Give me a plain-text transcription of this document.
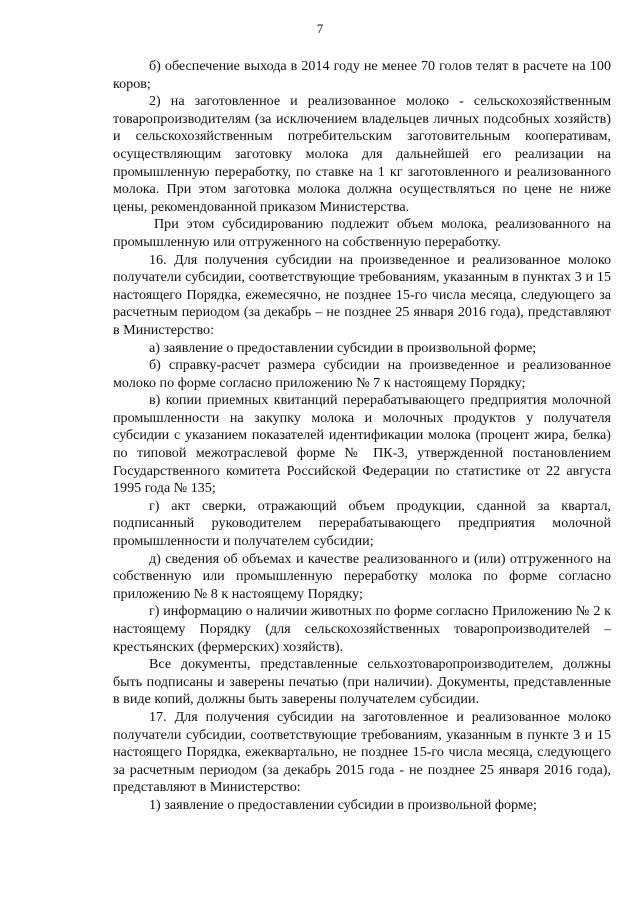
7

б) обеспечение выхода в 2014 году не менее 70 голов телят в расчете на 100 коров;

2) на заготовленное и реализованное молоко - сельскохозяйственным товаропроизводителям (за исключением владельцев личных подсобных хозяйств) и сельскохозяйственным потребительским заготовительным кооперативам, осуществляющим заготовку молока для дальнейшей его реализации на промышленную переработку, по ставке на 1 кг заготовленного и реализованного молока. При этом заготовка молока должна осуществляться по цене не ниже цены, рекомендованной приказом Министерства.

При этом субсидированию подлежит объем молока, реализованного на промышленную или отгруженного на собственную переработку.

16. Для получения субсидии на произведенное и реализованное молоко получатели субсидии, соответствующие требованиям, указанным в пунктах 3 и 15 настоящего Порядка, ежемесячно, не позднее 15-го числа месяца, следующего за расчетным периодом (за декабрь – не позднее 25 января 2016 года), представляют в Министерство:

а) заявление о предоставлении субсидии в произвольной форме;

б) справку-расчет размера субсидии на произведенное и реализованное молоко по форме согласно приложению № 7 к настоящему Порядку;

в) копии приемных квитанций перерабатывающего предприятия молочной промышленности на закупку молока и молочных продуктов у получателя субсидии с указанием показателей идентификации молока (процент жира, белка) по типовой межотраслевой форме № ПК-3, утвержденной постановлением Государственного комитета Российской Федерации по статистике от 22 августа 1995 года № 135;

г) акт сверки, отражающий объем продукции, сданной за квартал, подписанный руководителем перерабатывающего предприятия молочной промышленности и получателем субсидии;

д) сведения об объемах и качестве реализованного и (или) отгруженного на собственную или промышленную переработку молока по форме согласно приложению № 8 к настоящему Порядку;

г) информацию о наличии животных по форме согласно Приложению № 2 к настоящему Порядку (для сельскохозяйственных товаропроизводителей – крестьянских (фермерских) хозяйств).

Все документы, представленные сельхозтоваропроизводителем, должны быть подписаны и заверены печатью (при наличии). Документы, представленные в виде копий, должны быть заверены получателем субсидии.

17. Для получения субсидии на заготовленное и реализованное молоко получатели субсидии, соответствующие требованиям, указанным в пункте 3 и 15 настоящего Порядка, ежеквартально, не позднее 15-го числа месяца, следующего за расчетным периодом (за декабрь 2015 года - не позднее 25 января 2016 года), представляют в Министерство:

1) заявление о предоставлении субсидии в произвольной форме;
